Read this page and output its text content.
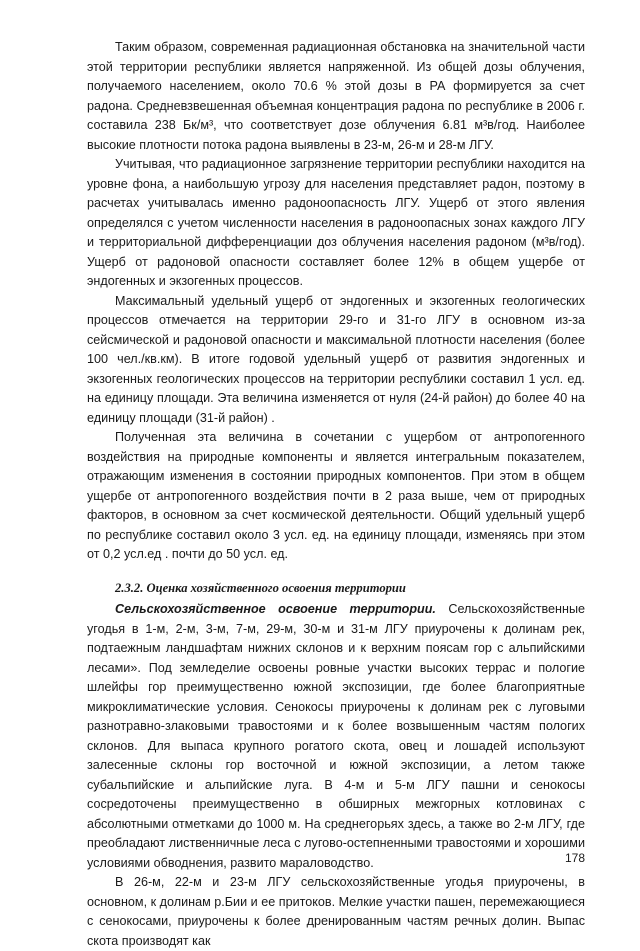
Таким образом, современная радиационная обстановка на значительной части этой территории республики является напряженной. Из общей дозы облучения, получаемого населением, около 70.6 % этой дозы в РА формируется за счет радона. Средневзвешенная объемная концентрация радона по республике в 2006 г. составила 238 Бк/м³, что соответствует дозе облучения 6.81 м³в/год. Наиболее высокие плотности потока радона выявлены в 23-м, 26-м и 28-м ЛГУ.

Учитывая, что радиационное загрязнение территории республики находится на уровне фона, а наибольшую угрозу для населения представляет радон, поэтому в расчетах учитывалась именно радоноопасность ЛГУ. Ущерб от этого явления определялся с учетом численности населения в радоноопасных зонах каждого ЛГУ и территориальной дифференциации доз облучения населения радоном (м³в/год). Ущерб от радоновой опасности составляет более 12% в общем ущербе от эндогенных и экзогенных процессов.

Максимальный удельный ущерб от эндогенных и экзогенных геологических процессов отмечается на территории 29-го и 31-го ЛГУ в основном из-за сейсмической и радоновой опасности и максимальной плотности населения (более 100 чел./кв.км). В итоге годовой удельный ущерб от развития эндогенных и экзогенных геологических процессов на территории республики составил 1 усл. ед. на единицу площади. Эта величина изменяется от нуля (24-й район) до более 40 на единицу площади (31-й район) .

Полученная эта величина в сочетании с ущербом от антропогенного воздействия на природные компоненты и является интегральным показателем, отражающим изменения в состоянии природных компонентов. При этом в общем ущербе от антропогенного воздействия почти в 2 раза выше, чем от природных факторов, в основном за счет космической деятельности. Общий удельный ущерб по республике составил около 3 усл. ед. на единицу площади, изменяясь при этом от 0,2 усл.ед . почти до 50 усл. ед.

2.3.2. Оценка хозяйственного освоения территории

Сельскохозяйственное освоение территории. Сельскохозяйственные угодья в 1-м, 2-м, 3-м, 7-м, 29-м, 30-м и 31-м ЛГУ приурочены к долинам рек, подтаежным ландшафтам нижних склонов и к верхним поясам гор с альпийскими лесами». Под земледелие освоены ровные участки высоких террас и пологие шлейфы гор преимущественно южной экспозиции, где более благоприятные микроклиматические условия. Сенокосы приурочены к долинам рек с луговыми разнотравно-злаковыми травостоями и к более возвышенным частям пологих склонов. Для выпаса крупного рогатого скота, овец и лошадей используют залесенные склоны гор восточной и южной экспозиции, а летом также субальпийские и альпийские луга. В 4-м и 5-м ЛГУ пашни и сенокосы сосредоточены преимущественно в обширных межгорных котловинах с абсолютными отметками до 1000 м. На среднегорьях здесь, а также во 2-м ЛГУ, где преобладают лиственничные леса с лугово-остепненными травостоями и хорошими условиями обводнения, развито мараловодство.

В 26-м, 22-м и 23-м ЛГУ сельскохозяйственные угодья приурочены, в основном, к долинам р.Бии и ее притоков. Мелкие участки пашен, перемежающиеся с сенокосами, приурочены к более дренированным частям речных долин. Выпас скота производят как

178
